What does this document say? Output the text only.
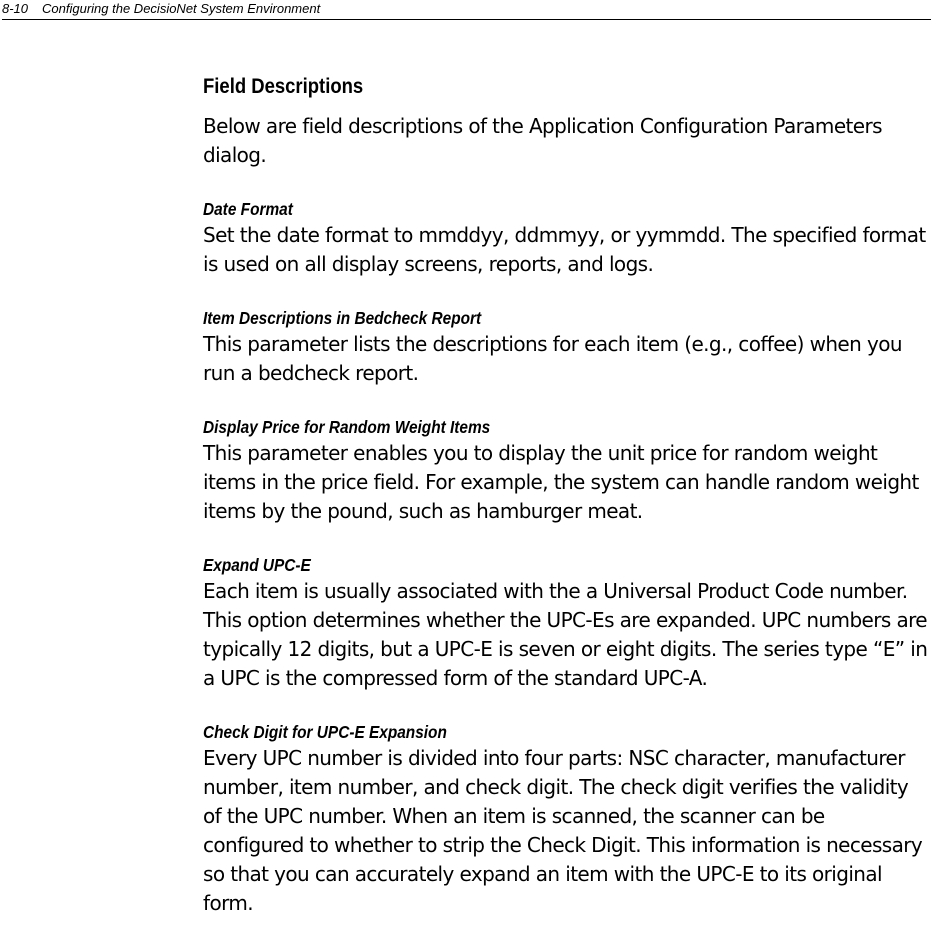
8-10 Configuring the DecisioNet System Environment
Field Descriptions
Below are field descriptions of the Application Configuration Parameters dialog.
Date Format
Set the date format to mmddyy, ddmmyy, or yymmdd. The specified format is used on all display screens, reports, and logs.
Item Descriptions in Bedcheck Report
This parameter lists the descriptions for each item (e.g., coffee) when you run a bedcheck report.
Display Price for Random Weight Items
This parameter enables you to display the unit price for random weight items in the price field. For example, the system can handle random weight items by the pound, such as hamburger meat.
Expand UPC-E
Each item is usually associated with the a Universal Product Code number. This option determines whether the UPC-Es are expanded. UPC numbers are typically 12 digits, but a UPC-E is seven or eight digits. The series type “E” in a UPC is the compressed form of the standard UPC-A.
Check Digit for UPC-E Expansion
Every UPC number is divided into four parts: NSC character, manufacturer number, item number, and check digit. The check digit verifies the validity of the UPC number. When an item is scanned, the scanner can be configured to whether to strip the Check Digit. This information is necessary so that you can accurately expand an item with the UPC-E to its original form.
